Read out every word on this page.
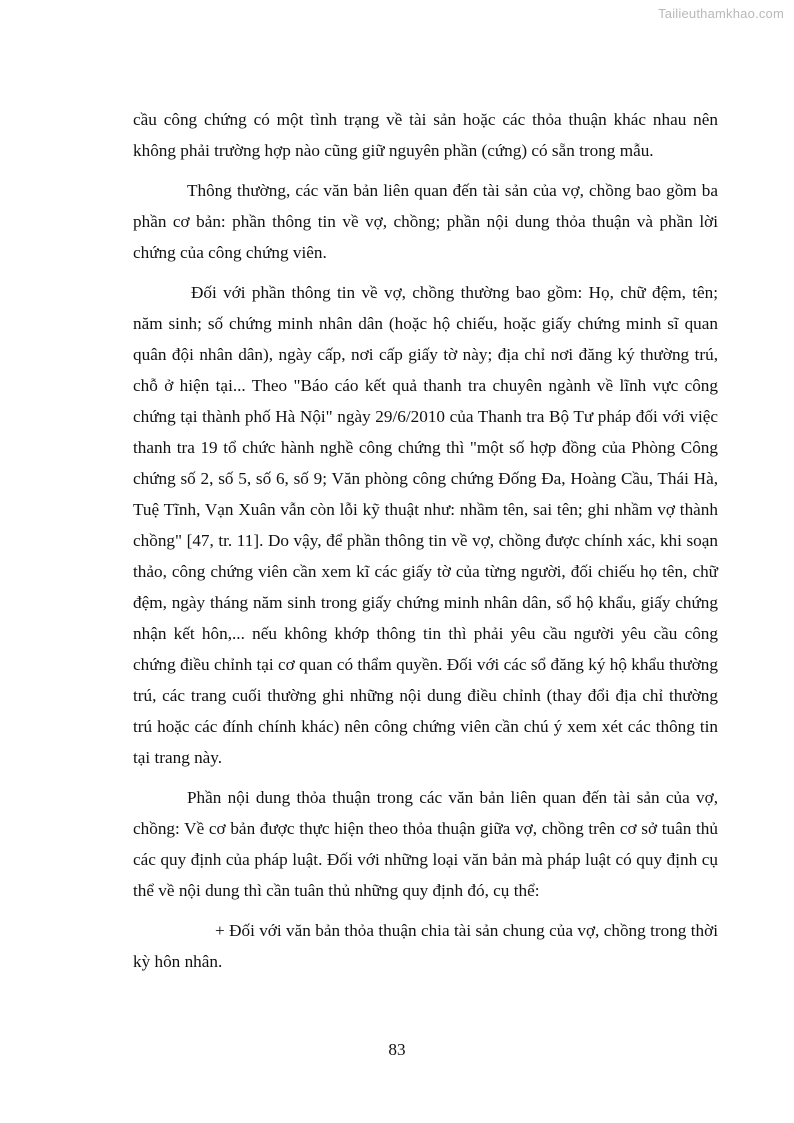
Tailieuthamkhao.com

cầu công chứng có một tình trạng về tài sản hoặc các thỏa thuận khác nhau nên không phải trường hợp nào cũng giữ nguyên phần (cứng) có sẵn trong mẫu.

Thông thường, các văn bản liên quan đến tài sản của vợ, chồng bao gồm ba phần cơ bản: phần thông tin về vợ, chồng; phần nội dung thỏa thuận và phần lời chứng của công chứng viên.

Đối với phần thông tin về vợ, chồng thường bao gồm: Họ, chữ đệm, tên; năm sinh; số chứng minh nhân dân (hoặc hộ chiếu, hoặc giấy chứng minh sĩ quan quân đội nhân dân), ngày cấp, nơi cấp giấy tờ này; địa chỉ nơi đăng ký thường trú, chỗ ở hiện tại... Theo "Báo cáo kết quả thanh tra chuyên ngành về lĩnh vực công chứng tại thành phố Hà Nội" ngày 29/6/2010 của Thanh tra Bộ Tư pháp đối với việc thanh tra 19 tổ chức hành nghề công chứng thì "một số hợp đồng của Phòng Công chứng số 2, số 5, số 6, số 9; Văn phòng công chứng Đống Đa, Hoàng Cầu, Thái Hà, Tuệ Tĩnh, Vạn Xuân vẫn còn lỗi kỹ thuật như: nhầm tên, sai tên; ghi nhầm vợ thành chồng" [47, tr. 11]. Do vậy, để phần thông tin về vợ, chồng được chính xác, khi soạn thảo, công chứng viên cần xem kĩ các giấy tờ của từng người, đối chiếu họ tên, chữ đệm, ngày tháng năm sinh trong giấy chứng minh nhân dân, sổ hộ khẩu, giấy chứng nhận kết hôn,... nếu không khớp thông tin thì phải yêu cầu người yêu cầu công chứng điều chỉnh tại cơ quan có thẩm quyền. Đối với các sổ đăng ký hộ khẩu thường trú, các trang cuối thường ghi những nội dung điều chỉnh (thay đổi địa chỉ thường trú hoặc các đính chính khác) nên công chứng viên cần chú ý xem xét các thông tin tại trang này.

Phần nội dung thỏa thuận trong các văn bản liên quan đến tài sản của vợ, chồng: Về cơ bản được thực hiện theo thỏa thuận giữa vợ, chồng trên cơ sở tuân thủ các quy định của pháp luật. Đối với những loại văn bản mà pháp luật có quy định cụ thể về nội dung thì cần tuân thủ những quy định đó, cụ thể:

+ Đối với văn bản thỏa thuận chia tài sản chung của vợ, chồng trong thời kỳ hôn nhân.

83
